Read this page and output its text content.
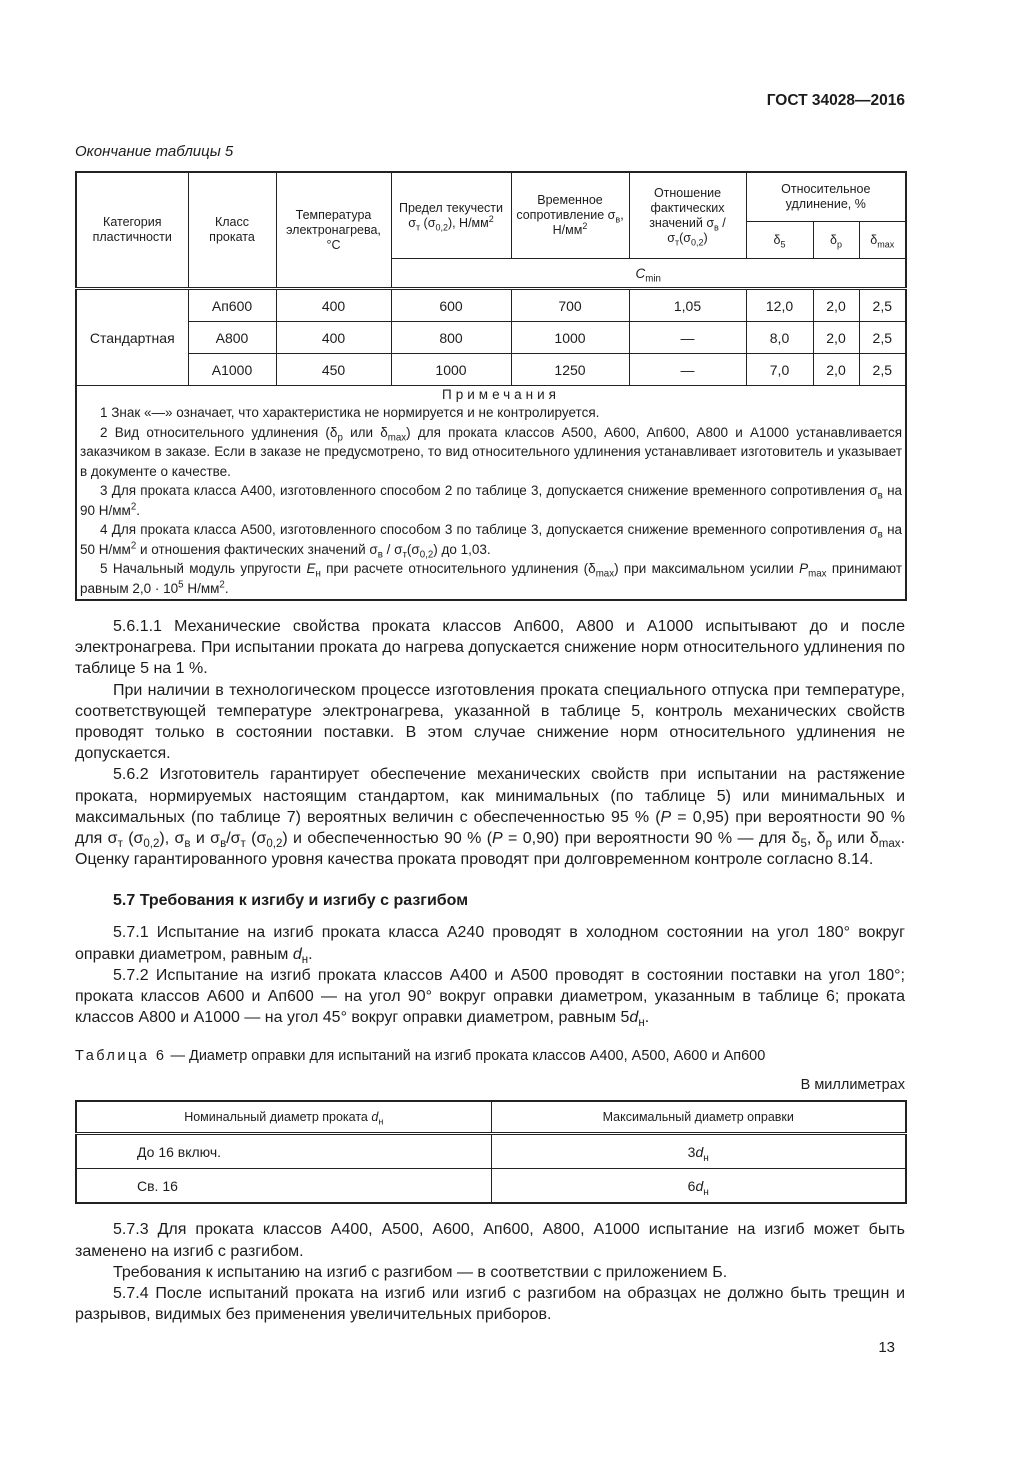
ГОСТ 34028—2016
Окончание таблицы 5
Категория пластичности	Класс проката	Температура электронагрева, °С	Предел текучести $\sigma_т$ $(\sigma_{0,2})$, $Н/мм^2$	Временное сопротивление $\sigma_в$, $Н/мм^2$	Отношение фактических значений $\sigma_в / \sigma_т(\sigma_{0,2})$	Относительное удлинение, %		
						$\delta_5$	$\delta_р$	$\delta_{max}$
			$С_{min}$
Стандартная	Ап600	400	600	700	1,05	12,0	2,0	2,5
	А800	400	800	1000	—	8,0	2,0	2,5
	А1000	450	1000	1250	—	7,0	2,0	2,5

Примечания
1 Знак «—» означает, что характеристика не нормируется и не контролируется.
2 Вид относительного удлинения ($\delta_р$ или $\delta_{max}$) для проката классов А500, А600, Ап600, А800 и А1000 устанавливается заказчиком в заказе. Если в заказе не предусмотрено, то вид относительного удлинения устанавливает изготовитель и указывает в документе о качестве.
3 Для проката класса А400, изготовленного способом 2 по таблице 3, допускается снижение временного сопротивления $\sigma_в$ на 90 $Н/мм^2$.
4 Для проката класса А500, изготовленного способом 3 по таблице 3, допускается снижение временного сопротивления $\sigma_в$ на 50 $Н/мм^2$ и отношения фактических значений $\sigma_в / \sigma_т(\sigma_{0,2})$ до 1,03.
5 Начальный модуль упругости $Е_н$ при расчете относительного удлинения $(\delta_{max})$ при максимальном усилии $Р_{max}$ принимают равным $2,0 \cdot 10^5$ $Н/мм^2$.

5.6.1.1 Механические свойства проката классов Ап600, А800 и А1000 испытывают до и после электронагрева. При испытании проката до нагрева допускается снижение норм относительного удлинения по таблице 5 на 1 %.

При наличии в технологическом процессе изготовления проката специального отпуска при температуре, соответствующей температуре электронагрева, указанной в таблице 5, контроль механических свойств проводят только в состоянии поставки. В этом случае снижение норм относительного удлинения не допускается.

5.6.2 Изготовитель гарантирует обеспечение механических свойств при испытании на растяжение проката, нормируемых настоящим стандартом, как минимальных (по таблице 5) или минимальных и максимальных (по таблице 7) вероятных величин с обеспеченностью 95 % (P = 0,95) при вероятности 90 % для $\sigma_т$ $(\sigma_{0,2})$, $\sigma_в$ и $\sigma_в/\sigma_т$ $(\sigma_{0,2})$ и обеспеченностью 90 % (P = 0,90) при вероятности 90 % — для $\delta_5$, $\delta_р$ или $\delta_{max}$. Оценку гарантированного уровня качества проката проводят при долговременном контроле согласно 8.14.

5.7 Требования к изгибу и изгибу с разгибом

5.7.1 Испытание на изгиб проката класса А240 проводят в холодном состоянии на угол 180° вокруг оправки диаметром, равным $d_н$.

5.7.2 Испытание на изгиб проката классов А400 и А500 проводят в состоянии поставки на угол 180°; проката классов А600 и Ап600 — на угол 90° вокруг оправки диаметром, указанным в таблице 6; проката классов А800 и А1000 — на угол 45° вокруг оправки диаметром, равным $5d_н$.

Таблица 6 — Диаметр оправки для испытаний на изгиб проката классов А400, А500, А600 и Ап600
В миллиметрах
Номинальный диаметр проката $d_н$	Максимальный диаметр оправки
До 16 включ.	$3d_н$
Св. 16	$6d_н$

5.7.3 Для проката классов А400, А500, А600, Ап600, А800, А1000 испытание на изгиб может быть заменено на изгиб с разгибом.

Требования к испытанию на изгиб с разгибом — в соответствии с приложением Б.

5.7.4 После испытаний проката на изгиб или изгиб с разгибом на образцах не должно быть трещин и разрывов, видимых без применения увеличительных приборов.

13
